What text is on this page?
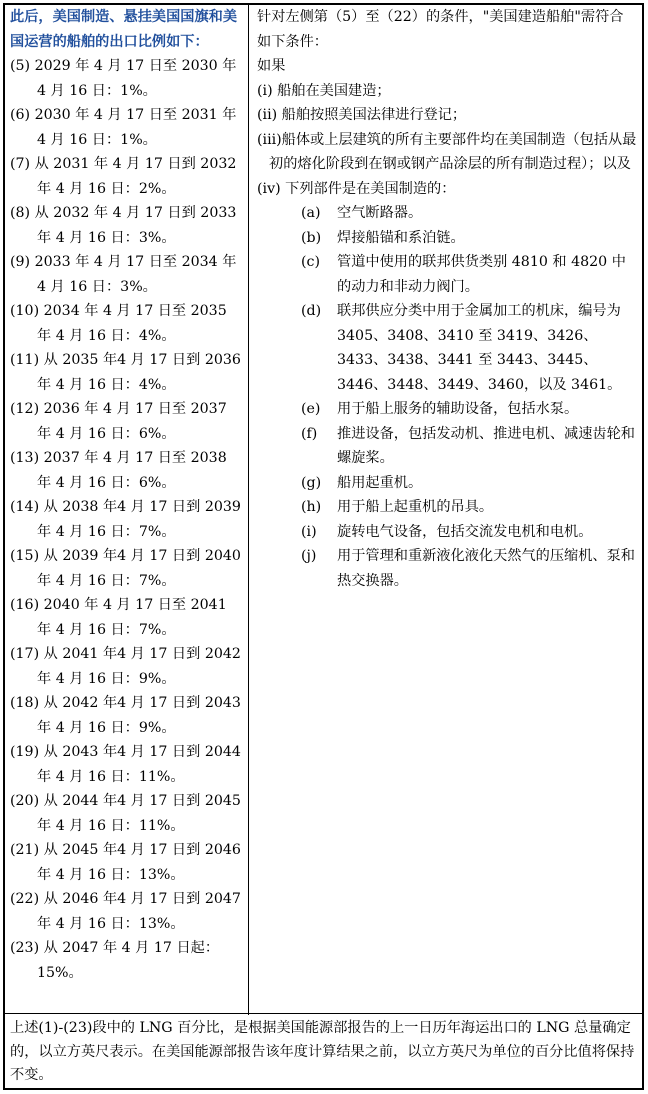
此后，美国制造、悬挂美国国旗和美国运营的船舶的出口比例如下：
(5) 2029 年 4 月 17 日至 2030 年 4 月 16 日：1%。
(6) 2030 年 4 月 17 日至 2031 年 4 月 16 日：1%。
(7) 从 2031 年 4 月 17 日到 2032 年 4 月 16 日：2%。
(8) 从 2032 年 4 月 17 日到 2033 年 4 月 16 日：3%。
(9) 2033 年 4 月 17 日至 2034 年 4 月 16 日：3%。
(10) 2034 年 4 月 17 日至 2035 年 4 月 16 日：4%。
(11) 从 2035 年4 月 17 日到 2036 年 4 月 16 日：4%。
(12) 2036 年 4 月 17 日至 2037 年 4 月 16 日：6%。
(13) 2037 年 4 月 17 日至 2038 年 4 月 16 日：6%。
(14) 从 2038 年4 月 17 日到 2039 年 4 月 16 日：7%。
(15) 从 2039 年4 月 17 日到 2040 年 4 月 16 日：7%。
(16) 2040 年 4 月 17 日至 2041 年 4 月 16 日：7%。
(17) 从 2041 年4 月 17 日到 2042 年 4 月 16 日：9%。
(18) 从 2042 年4 月 17 日到 2043 年 4 月 16 日：9%。
(19) 从 2043 年4 月 17 日到 2044 年 4 月 16 日：11%。
(20) 从 2044 年4 月 17 日到 2045 年 4 月 16 日：11%。
(21) 从 2045 年4 月 17 日到 2046 年 4 月 16 日：13%。
(22) 从 2046 年4 月 17 日到 2047 年 4 月 16 日：13%。
(23) 从 2047 年 4 月 17 日起：15%。

针对左侧第（5）至（22）的条件，"美国建造船舶"需符合如下条件：

如果

(i) 船舶在美国建造；

(ii) 船舶按照美国法律进行登记；

(iii)船体或上层建筑的所有主要部件均在美国制造（包括从最初的熔化阶段到在钢或钢产品涂层的所有制造过程）；以及

(iv) 下列部件是在美国制造的：

(a)	空气断路器。
(b)	焊接船锚和系泊链。
(c)	管道中使用的联邦供货类别 4810 和 4820 中的动力和非动力阀门。
(d)	联邦供应分类中用于金属加工的机床，编号为 3405、3408、3410 至 3419、3426、3433、3438、3441 至 3443、3445、3446、3448、3449、3460，以及 3461。
(e)	用于船上服务的辅助设备，包括水泵。
(f)	推进设备，包括发动机、推进电机、减速齿轮和螺旋桨。
(g)	船用起重机。
(h)	用于船上起重机的吊具。
(i)	旋转电气设备，包括交流发电机和电机。
(j)	用于管理和重新液化液化天然气的压缩机、泵和热交换器。
上述(1)-(23)段中的 LNG 百分比，是根据美国能源部报告的上一日历年海运出口的 LNG 总量确定的，以立方英尺表示。在美国能源部报告该年度计算结果之前，以立方英尺为单位的百分比值将保持不变。
